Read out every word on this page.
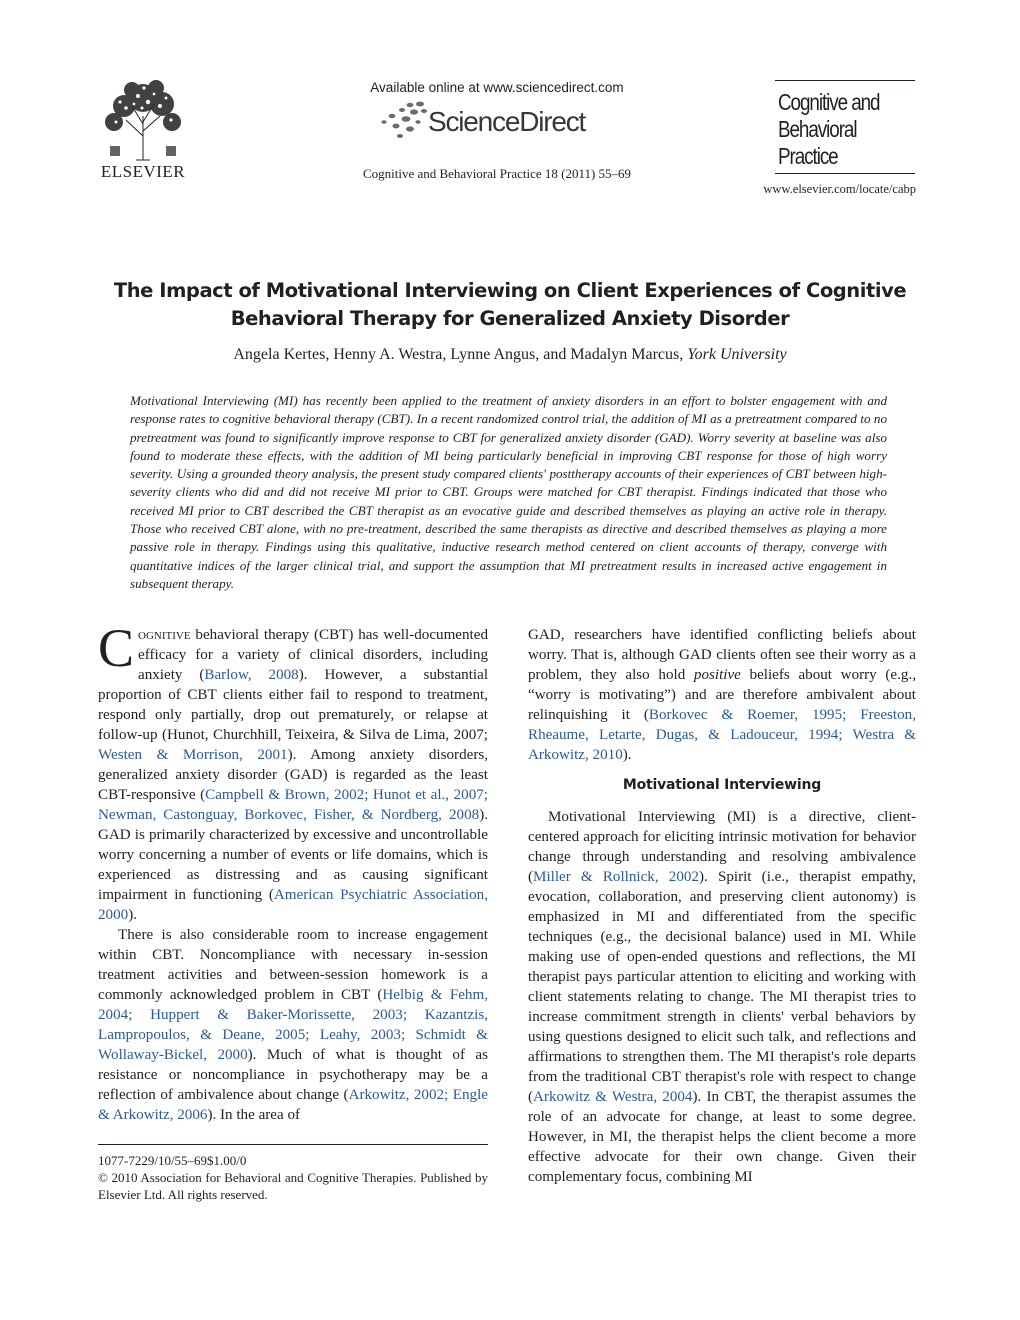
ELSEVIER
Available online at www.sciencedirect.com
ScienceDirect
Cognitive and Behavioral Practice 18 (2011) 55–69
Cognitive and
Behavioral
Practice
www.elsevier.com/locate/cabp
The Impact of Motivational Interviewing on Client Experiences of Cognitive
Behavioral Therapy for Generalized Anxiety Disorder
Angela Kertes, Henny A. Westra, Lynne Angus, and Madalyn Marcus, York University
Motivational Interviewing (MI) has recently been applied to the treatment of anxiety disorders in an effort to bolster engagement with and response rates to cognitive behavioral therapy (CBT). In a recent randomized control trial, the addition of MI as a pretreatment compared to no pretreatment was found to significantly improve response to CBT for generalized anxiety disorder (GAD). Worry severity at baseline was also found to moderate these effects, with the addition of MI being particularly beneficial in improving CBT response for those of high worry severity. Using a grounded theory analysis, the present study compared clients' posttherapy accounts of their experiences of CBT between high-severity clients who did and did not receive MI prior to CBT. Groups were matched for CBT therapist. Findings indicated that those who received MI prior to CBT described the CBT therapist as an evocative guide and described themselves as playing an active role in therapy. Those who received CBT alone, with no pre-treatment, described the same therapists as directive and described themselves as playing a more passive role in therapy. Findings using this qualitative, inductive research method centered on client accounts of therapy, converge with quantitative indices of the larger clinical trial, and support the assumption that MI pretreatment results in increased active engagement in subsequent therapy.

Cognitive behavioral therapy (CBT) has well-documented efficacy for a variety of clinical disorders, including anxiety (Barlow, 2008). However, a substantial proportion of CBT clients either fail to respond to treatment, respond only partially, drop out prematurely, or relapse at follow-up (Hunot, Churchhill, Teixeira, & Silva de Lima, 2007; Westen & Morrison, 2001). Among anxiety disorders, generalized anxiety disorder (GAD) is regarded as the least CBT-responsive (Campbell & Brown, 2002; Hunot et al., 2007; Newman, Castonguay, Borkovec, Fisher, & Nordberg, 2008). GAD is primarily characterized by excessive and uncontrollable worry concerning a number of events or life domains, which is experienced as distressing and as causing significant impairment in functioning (American Psychiatric Association, 2000).

There is also considerable room to increase engagement within CBT. Noncompliance with necessary in-session treatment activities and between-session homework is a commonly acknowledged problem in CBT (Helbig & Fehm, 2004; Huppert & Baker-Morissette, 2003; Kazantzis, Lampropoulos, & Deane, 2005; Leahy, 2003; Schmidt & Wollaway-Bickel, 2000). Much of what is thought of as resistance or noncompliance in psychotherapy may be a reflection of ambivalence about change (Arkowitz, 2002; Engle & Arkowitz, 2006). In the area of

GAD, researchers have identified conflicting beliefs about worry. That is, although GAD clients often see their worry as a problem, they also hold positive beliefs about worry (e.g., “worry is motivating”) and are therefore ambivalent about relinquishing it (Borkovec & Roemer, 1995; Freeston, Rheaume, Letarte, Dugas, & Ladouceur, 1994; Westra & Arkowitz, 2010).

Motivational Interviewing

Motivational Interviewing (MI) is a directive, client-centered approach for eliciting intrinsic motivation for behavior change through understanding and resolving ambivalence (Miller & Rollnick, 2002). Spirit (i.e., therapist empathy, evocation, collaboration, and preserving client autonomy) is emphasized in MI and differentiated from the specific techniques (e.g., the decisional balance) used in MI. While making use of open-ended questions and reflections, the MI therapist pays particular attention to eliciting and working with client statements relating to change. The MI therapist tries to increase commitment strength in clients' verbal behaviors by using questions designed to elicit such talk, and reflections and affirmations to strengthen them. The MI therapist's role departs from the traditional CBT therapist's role with respect to change (Arkowitz & Westra, 2004). In CBT, the therapist assumes the role of an advocate for change, at least to some degree. However, in MI, the therapist helps the client become a more effective advocate for their own change. Given their complementary focus, combining MI

1077-7229/10/55–69$1.00/0
© 2010 Association for Behavioral and Cognitive Therapies. Published by Elsevier Ltd. All rights reserved.
